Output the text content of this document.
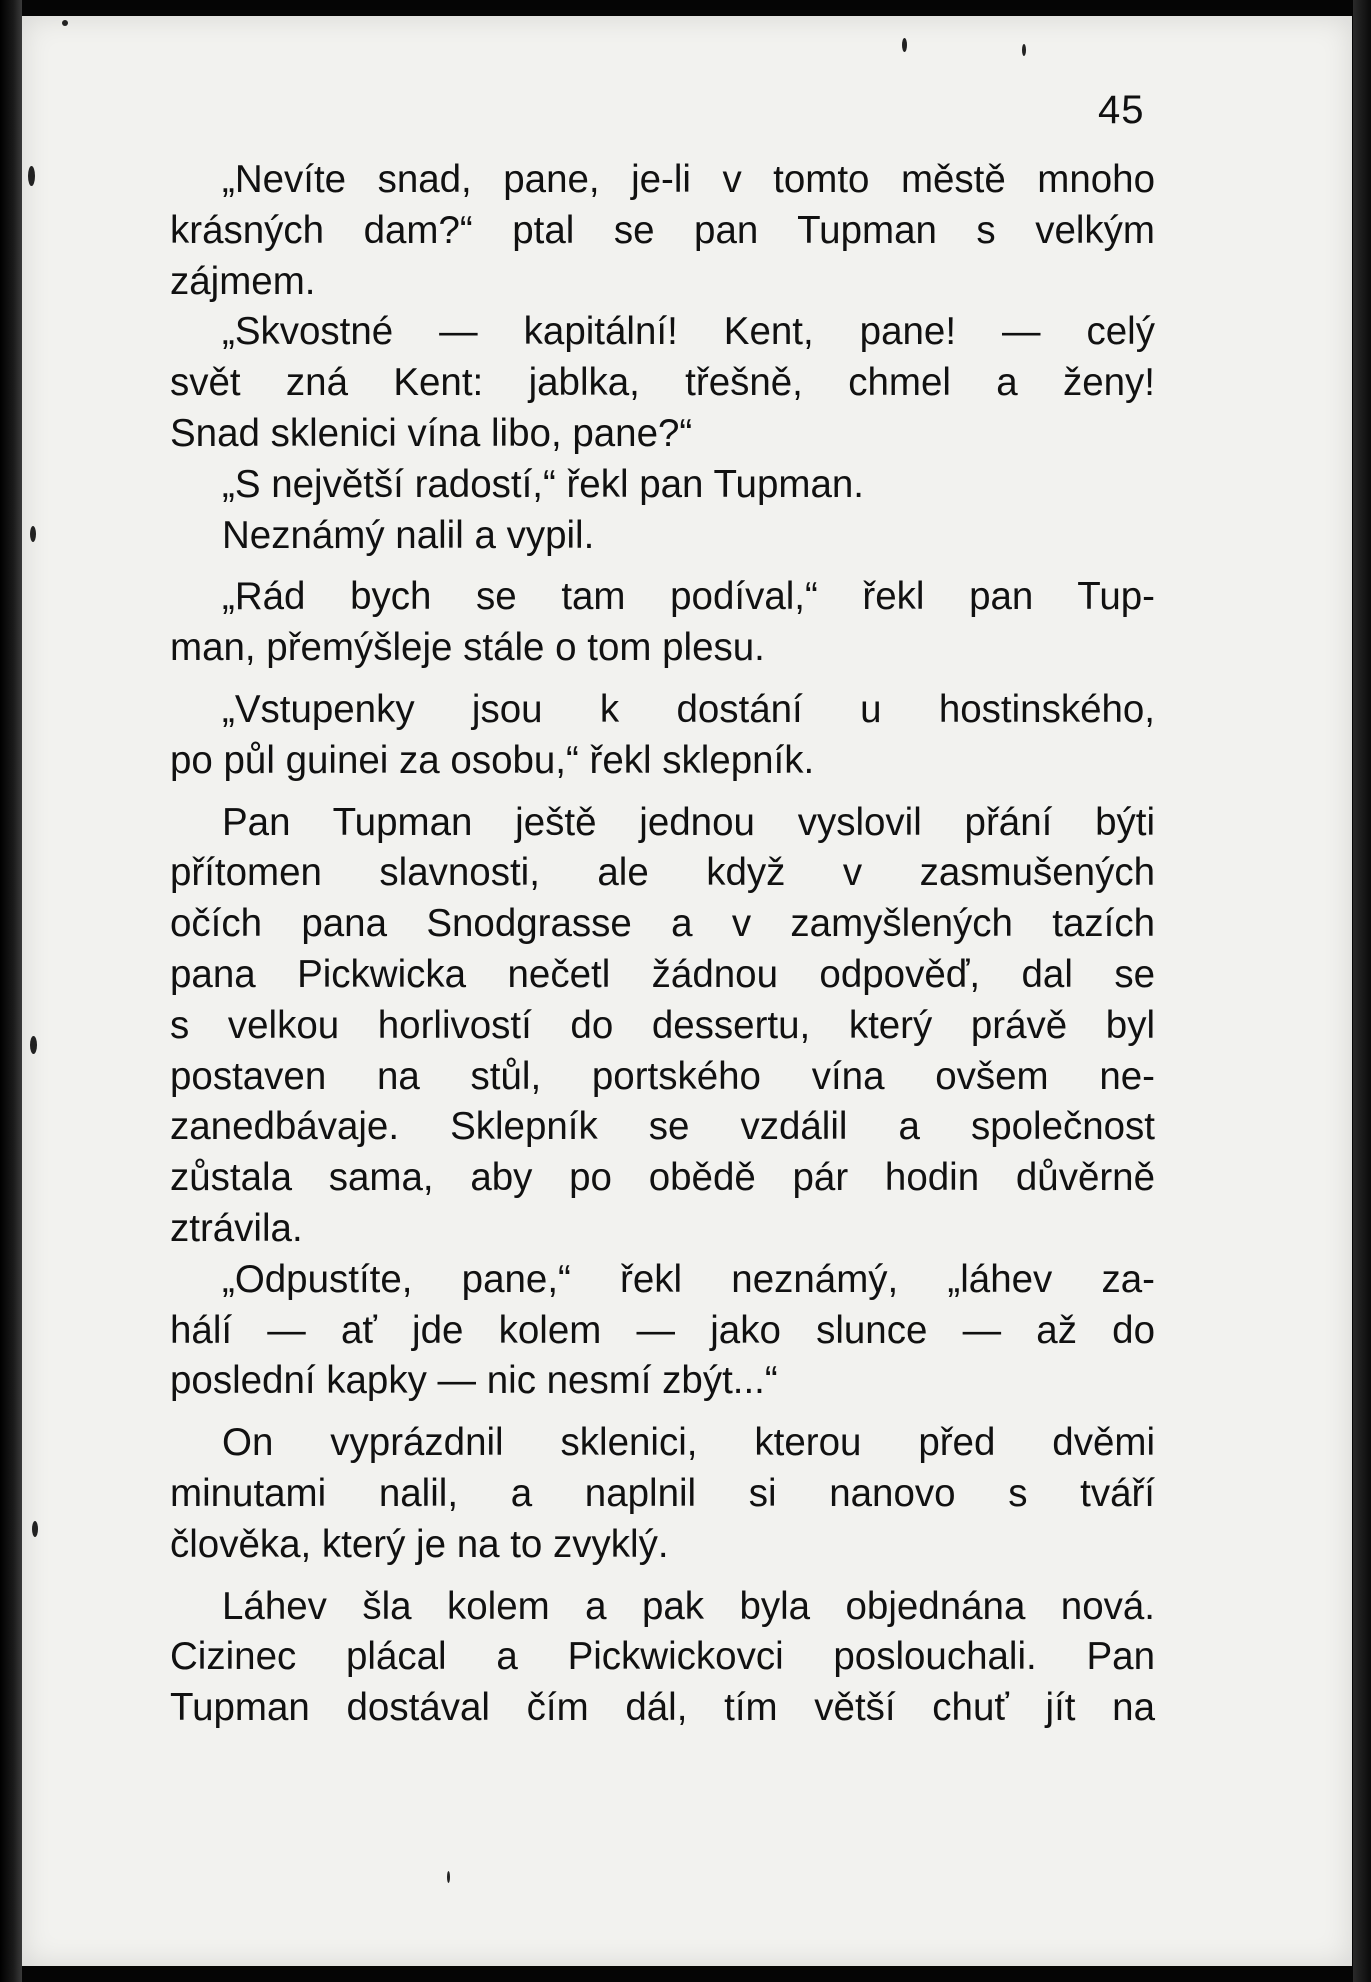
45

„Nevíte snad, pane, je-li v tomto městě mnoho
krásných dam?“ ptal se pan Tupman s velkým
zájmem.

„Skvostné — kapitální! Kent, pane! — celý
svět zná Kent: jablka, třešně, chmel a ženy!
Snad sklenici vína libo, pane?“

„S největší radostí,“ řekl pan Tupman.

Neznámý nalil a vypil.

„Rád bych se tam podíval,“ řekl pan Tup-
man, přemýšleje stále o tom plesu.

„Vstupenky jsou k dostání u hostinského,
po půl guinei za osobu,“ řekl sklepník.

Pan Tupman ještě jednou vyslovil přání býti
přítomen slavnosti, ale když v zasmušených
očích pana Snodgrasse a v zamyšlených tazích
pana Pickwicka nečetl žádnou odpověď, dal se
s velkou horlivostí do dessertu, který právě byl
postaven na stůl, portského vína ovšem ne-
zanedbávaje. Sklepník se vzdálil a společnost
zůstala sama, aby po obědě pár hodin důvěrně
ztrávila.

„Odpustíte, pane,“ řekl neznámý, „láhev za-
hálí — ať jde kolem — jako slunce — až do
poslední kapky — nic nesmí zbýt...“

On vyprázdnil sklenici, kterou před dvěmi
minutami nalil, a naplnil si nanovo s tváří
člověka, který je na to zvyklý.

Láhev šla kolem a pak byla objednána nová.
Cizinec plácal a Pickwickovci poslouchali. Pan
Tupman dostával čím dál, tím větší chuť jít na
